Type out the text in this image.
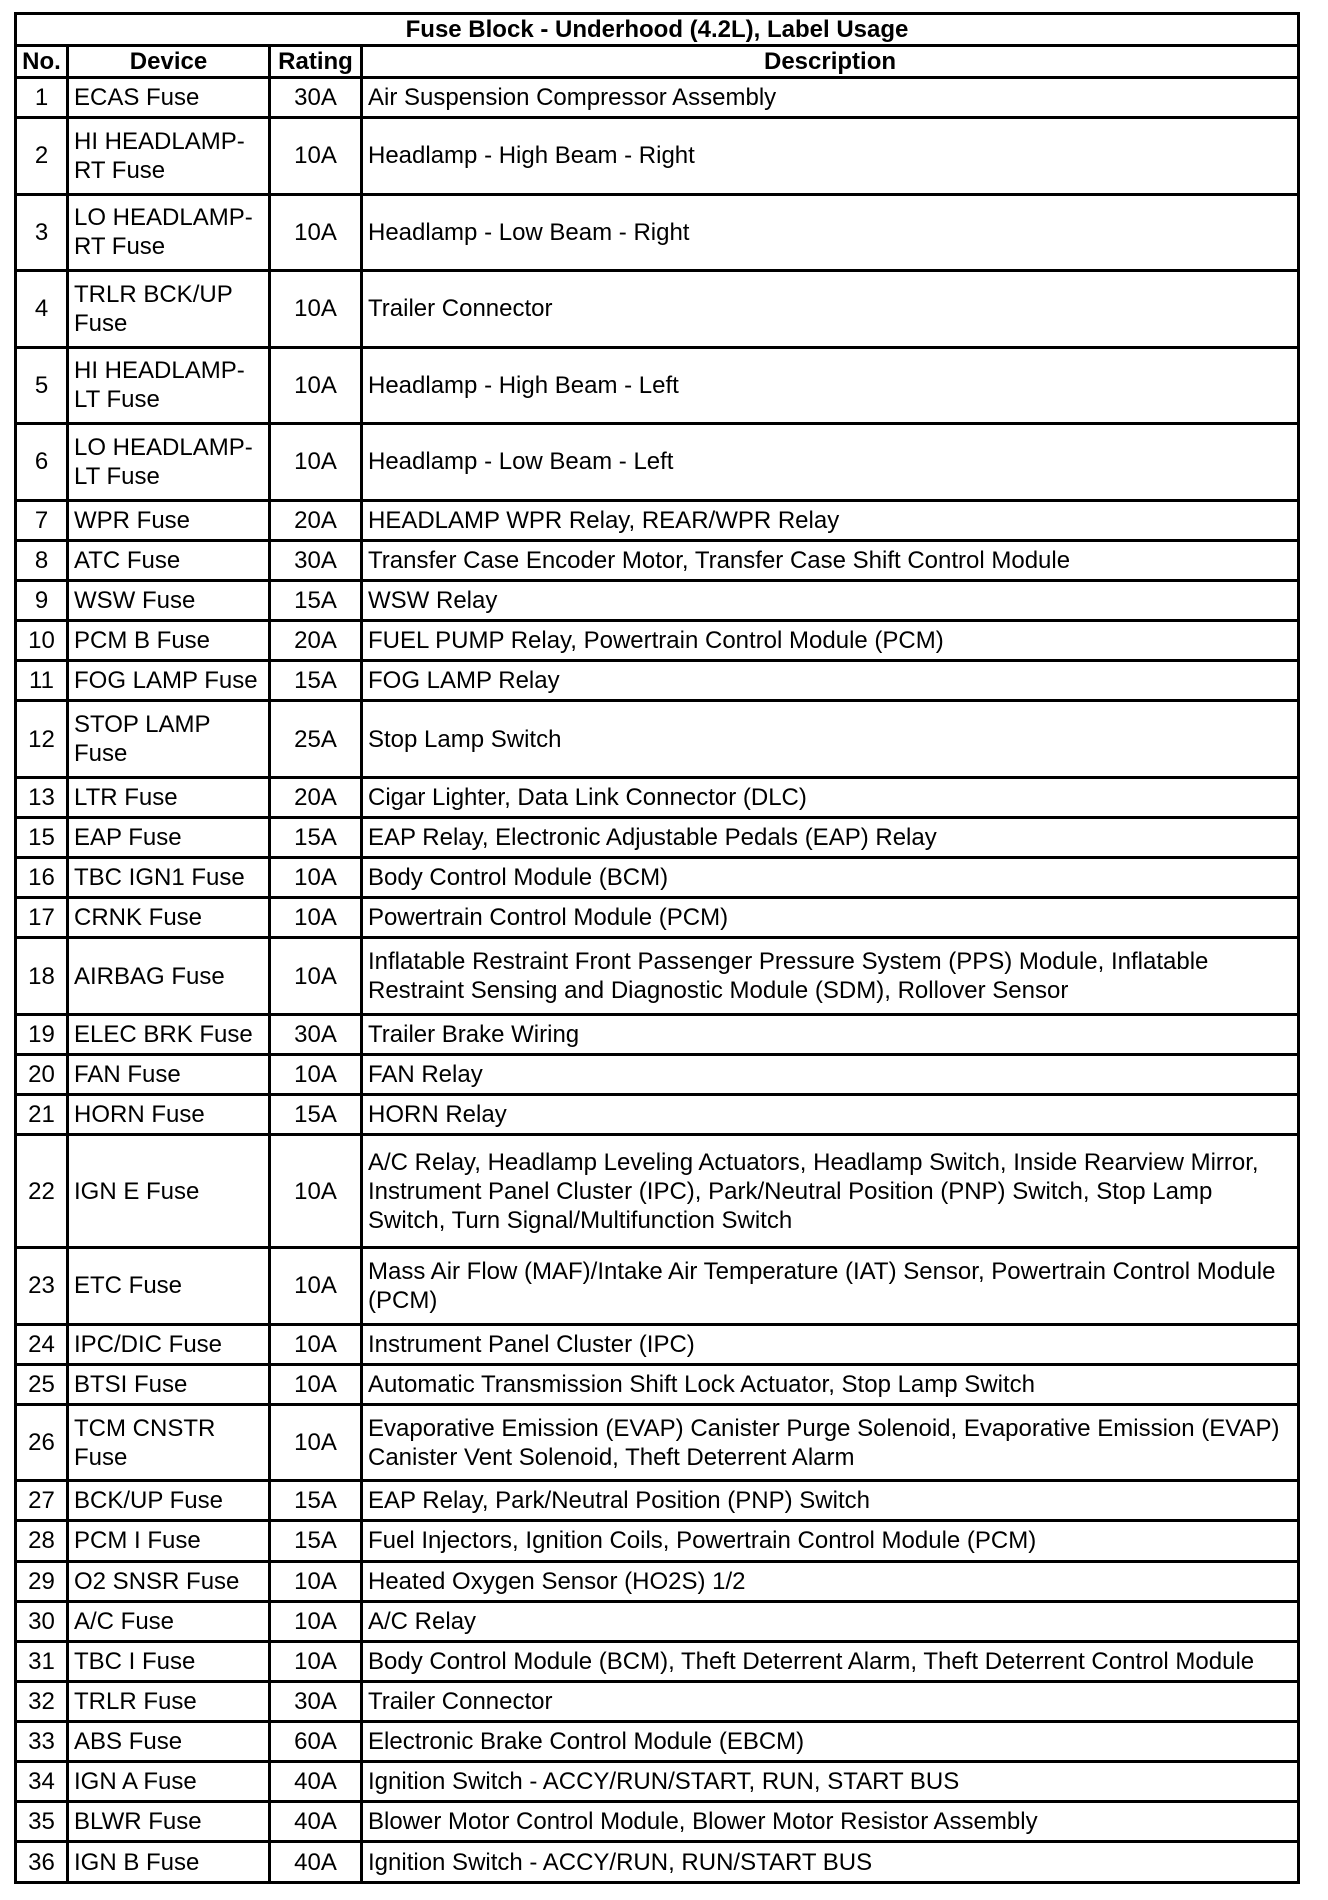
Fuse Block - Underhood (4.2L), Label Usage			
No.	Device	Rating	Description
1	ECAS Fuse	30A	Air Suspension Compressor Assembly
2	HI HEADLAMP-RT Fuse	10A	Headlamp - High Beam - Right
3	LO HEADLAMP-RT Fuse	10A	Headlamp - Low Beam - Right
4	TRLR BCK/UP Fuse	10A	Trailer Connector
5	HI HEADLAMP-LT Fuse	10A	Headlamp - High Beam - Left
6	LO HEADLAMP-LT Fuse	10A	Headlamp - Low Beam - Left
7	WPR Fuse	20A	HEADLAMP WPR Relay, REAR/WPR Relay
8	ATC Fuse	30A	Transfer Case Encoder Motor, Transfer Case Shift Control Module
9	WSW Fuse	15A	WSW Relay
10	PCM B Fuse	20A	FUEL PUMP Relay, Powertrain Control Module (PCM)
11	FOG LAMP Fuse	15A	FOG LAMP Relay
12	STOP LAMP Fuse	25A	Stop Lamp Switch
13	LTR Fuse	20A	Cigar Lighter, Data Link Connector (DLC)
15	EAP Fuse	15A	EAP Relay, Electronic Adjustable Pedals (EAP) Relay
16	TBC IGN1 Fuse	10A	Body Control Module (BCM)
17	CRNK Fuse	10A	Powertrain Control Module (PCM)
18	AIRBAG Fuse	10A	Inflatable Restraint Front Passenger Pressure System (PPS) Module, Inflatable Restraint Sensing and Diagnostic Module (SDM), Rollover Sensor
19	ELEC BRK Fuse	30A	Trailer Brake Wiring
20	FAN Fuse	10A	FAN Relay
21	HORN Fuse	15A	HORN Relay
22	IGN E Fuse	10A	A/C Relay, Headlamp Leveling Actuators, Headlamp Switch, Inside Rearview Mirror, Instrument Panel Cluster (IPC), Park/Neutral Position (PNP) Switch, Stop Lamp Switch, Turn Signal/Multifunction Switch
23	ETC Fuse	10A	Mass Air Flow (MAF)/Intake Air Temperature (IAT) Sensor, Powertrain Control Module (PCM)
24	IPC/DIC Fuse	10A	Instrument Panel Cluster (IPC)
25	BTSI Fuse	10A	Automatic Transmission Shift Lock Actuator, Stop Lamp Switch
26	TCM CNSTR Fuse	10A	Evaporative Emission (EVAP) Canister Purge Solenoid, Evaporative Emission (EVAP) Canister Vent Solenoid, Theft Deterrent Alarm
27	BCK/UP Fuse	15A	EAP Relay, Park/Neutral Position (PNP) Switch
28	PCM I Fuse	15A	Fuel Injectors, Ignition Coils, Powertrain Control Module (PCM)
29	O2 SNSR Fuse	10A	Heated Oxygen Sensor (HO2S) 1/2
30	A/C Fuse	10A	A/C Relay
31	TBC I Fuse	10A	Body Control Module (BCM), Theft Deterrent Alarm, Theft Deterrent Control Module
32	TRLR Fuse	30A	Trailer Connector
33	ABS Fuse	60A	Electronic Brake Control Module (EBCM)
34	IGN A Fuse	40A	Ignition Switch - ACCY/RUN/START, RUN, START BUS
35	BLWR Fuse	40A	Blower Motor Control Module, Blower Motor Resistor Assembly
36	IGN B Fuse	40A	Ignition Switch - ACCY/RUN, RUN/START BUS
